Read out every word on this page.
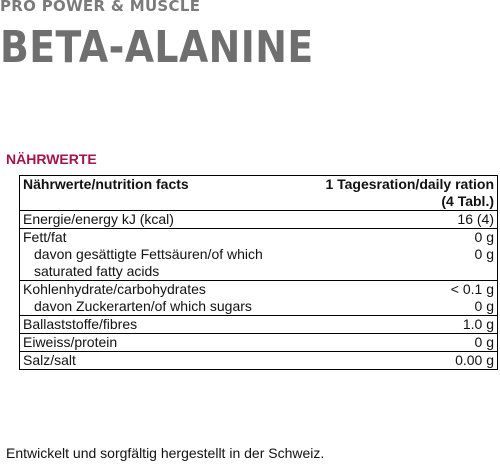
PRO POWER & MUSCLE
BETA-ALANINE
NÄHRWERTE
Nährwerte/nutrition facts	1 Tagesration/daily ration
(4 Tabl.)
Energie/energy kJ (kcal)	16 (4)
Fett/fat	0 g
davon gesättigte Fettsäuren/of which	0 g
saturated fatty acids	
Kohlenhydrate/carbohydrates	< 0.1 g
davon Zuckerarten/of which sugars	0 g
Ballaststoffe/fibres	1.0 g
Eiweiss/protein	0 g
Salz/salt	0.00 g
Entwickelt und sorgfältig hergestellt in der Schweiz.
